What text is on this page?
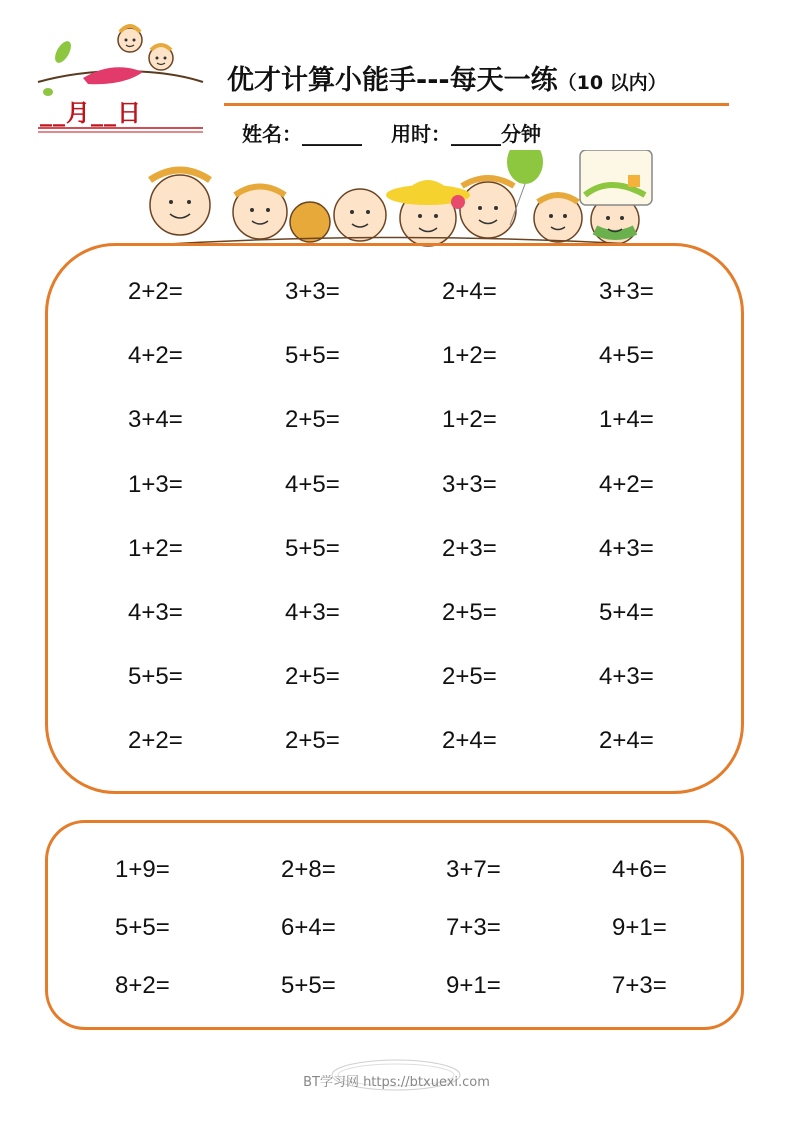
__月__日
优才计算小能手---每天一练（10 以内）
姓名：______ 用时：_____分钟
2+2=	3+3=	2+4=	3+3=
4+2=	5+5=	1+2=	4+5=
3+4=	2+5=	1+2=	1+4=
1+3=	4+5=	3+3=	4+2=
1+2=	5+5=	2+3=	4+3=
4+3=	4+3=	2+5=	5+4=
5+5=	2+5=	2+5=	4+3=
2+2=	2+5=	2+4=	2+4=
1+9=	2+8=	3+7=	4+6=
5+5=	6+4=	7+3=	9+1=
8+2=	5+5=	9+1=	7+3=
BT学习网 https://btxuexi.com
